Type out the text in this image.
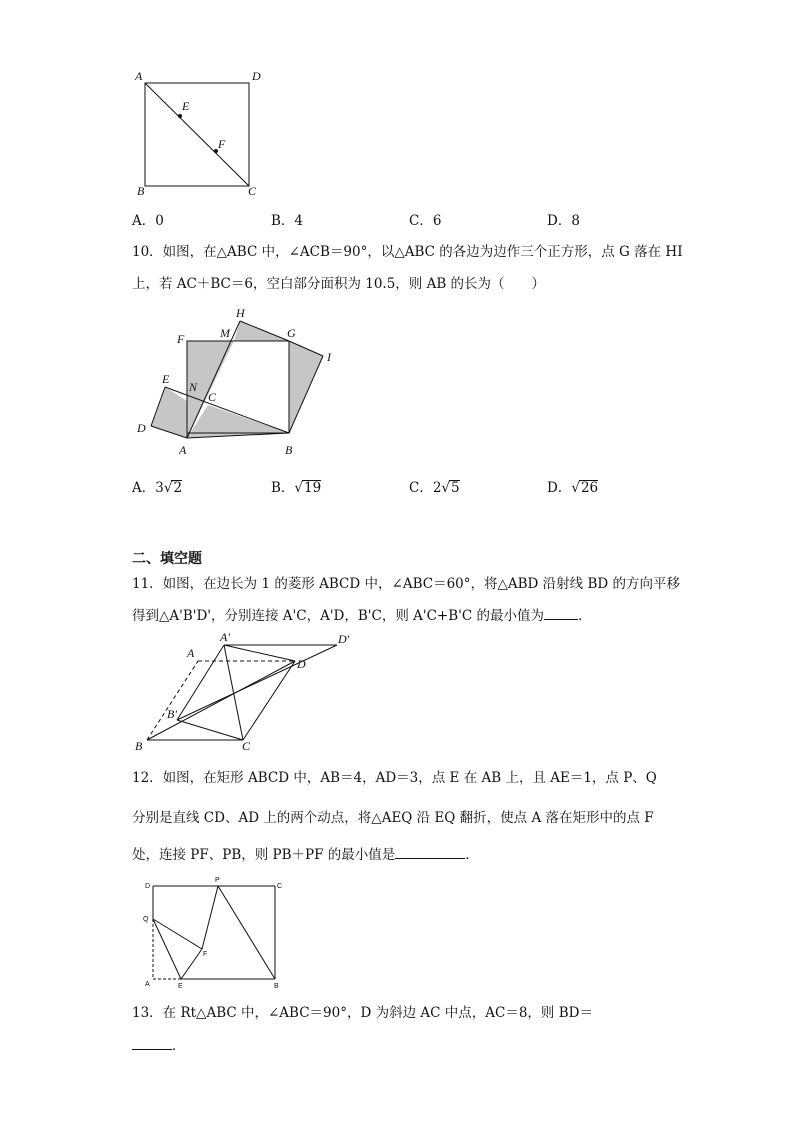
A	D
E
F
B	C
A．0	B．4	C．6	D．8
10．如图，在△ABC 中，∠ACB＝90°，以△ABC 的各边为边作三个正方形，点 G 落在 HI
上，若 AC＋BC＝6，空白部分面积为 10.5，则 AB 的长为（　　）
H
F	M	G
I
E
N
C
D
A	B
A．3√2	B．√19	C．2√5	D．√26
二、填空题
11．如图，在边长为 1 的菱形 ABCD 中，∠ABC＝60°，将△ABD 沿射线 BD 的方向平移
得到△A'B'D'，分别连接 A'C，A'D，B'C，则 A'C+B'C 的最小值为	．
A
A'	D'
D
B'
B	C
12．如图，在矩形 ABCD 中，AB＝4，AD＝3，点 E 在 AB 上，且 AE＝1，点 P、Q
分别是直线 CD、AD 上的两个动点，将△AEQ 沿 EQ 翻折，使点 A 落在矩形中的点 F
处，连接 PF、PB，则 PB＋PF 的最小值是	．
D
P
C
Q
F
A	E	B
13．在 Rt△ABC 中，∠ABC＝90°，D 为斜边 AC 中点，AC＝8，则 BD＝
．
